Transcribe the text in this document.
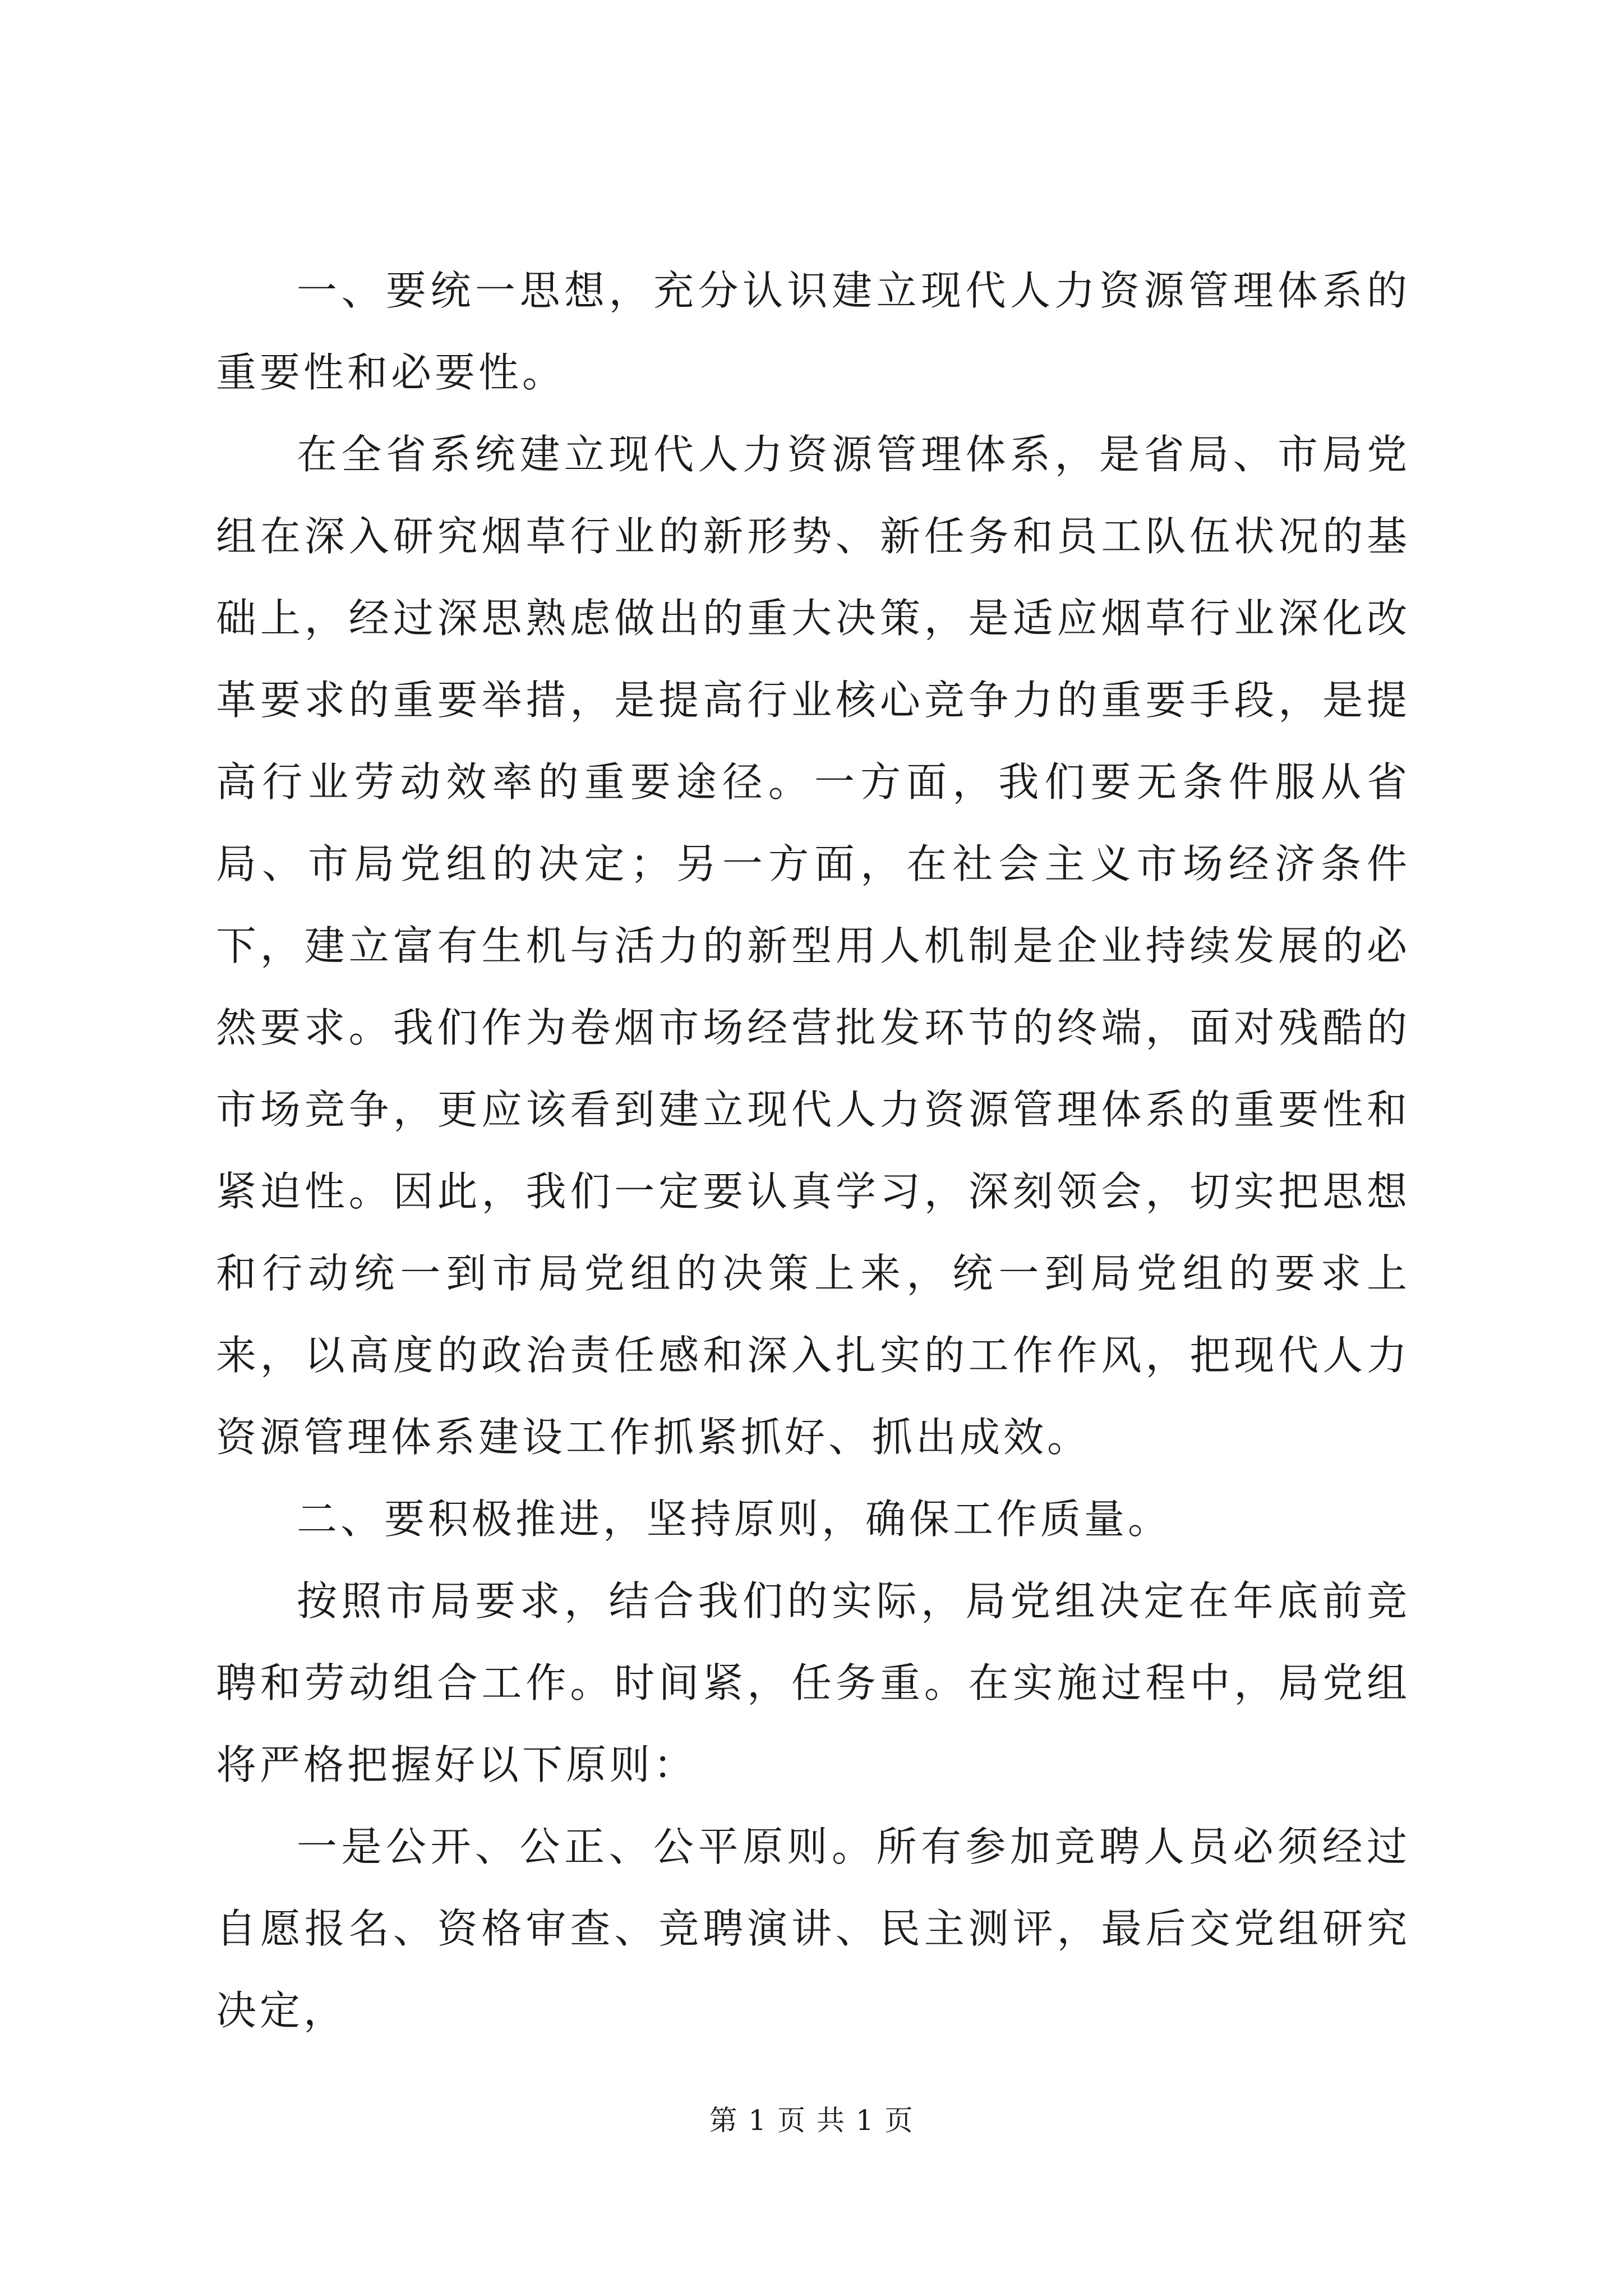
一、要统一思想，充分认识建立现代人力资源管理体系的重要性和必要性。

在全省系统建立现代人力资源管理体系，是省局、市局党组在深入研究烟草行业的新形势、新任务和员工队伍状况的基础上，经过深思熟虑做出的重大决策，是适应烟草行业深化改革要求的重要举措，是提高行业核心竞争力的重要手段，是提高行业劳动效率的重要途径。一方面，我们要无条件服从省局、市局党组的决定；另一方面，在社会主义市场经济条件下，建立富有生机与活力的新型用人机制是企业持续发展的必然要求。我们作为卷烟市场经营批发环节的终端，面对残酷的市场竞争，更应该看到建立现代人力资源管理体系的重要性和紧迫性。因此，我们一定要认真学习，深刻领会，切实把思想和行动统一到市局党组的决策上来，统一到局党组的要求上来，以高度的政治责任感和深入扎实的工作作风，把现代人力资源管理体系建设工作抓紧抓好、抓出成效。

二、要积极推进，坚持原则，确保工作质量。

按照市局要求，结合我们的实际，局党组决定在年底前竞聘和劳动组合工作。时间紧，任务重。在实施过程中，局党组将严格把握好以下原则：

一是公开、公正、公平原则。所有参加竞聘人员必须经过自愿报名、资格审查、竞聘演讲、民主测评，最后交党组研究决定，

第 1 页 共 1 页
